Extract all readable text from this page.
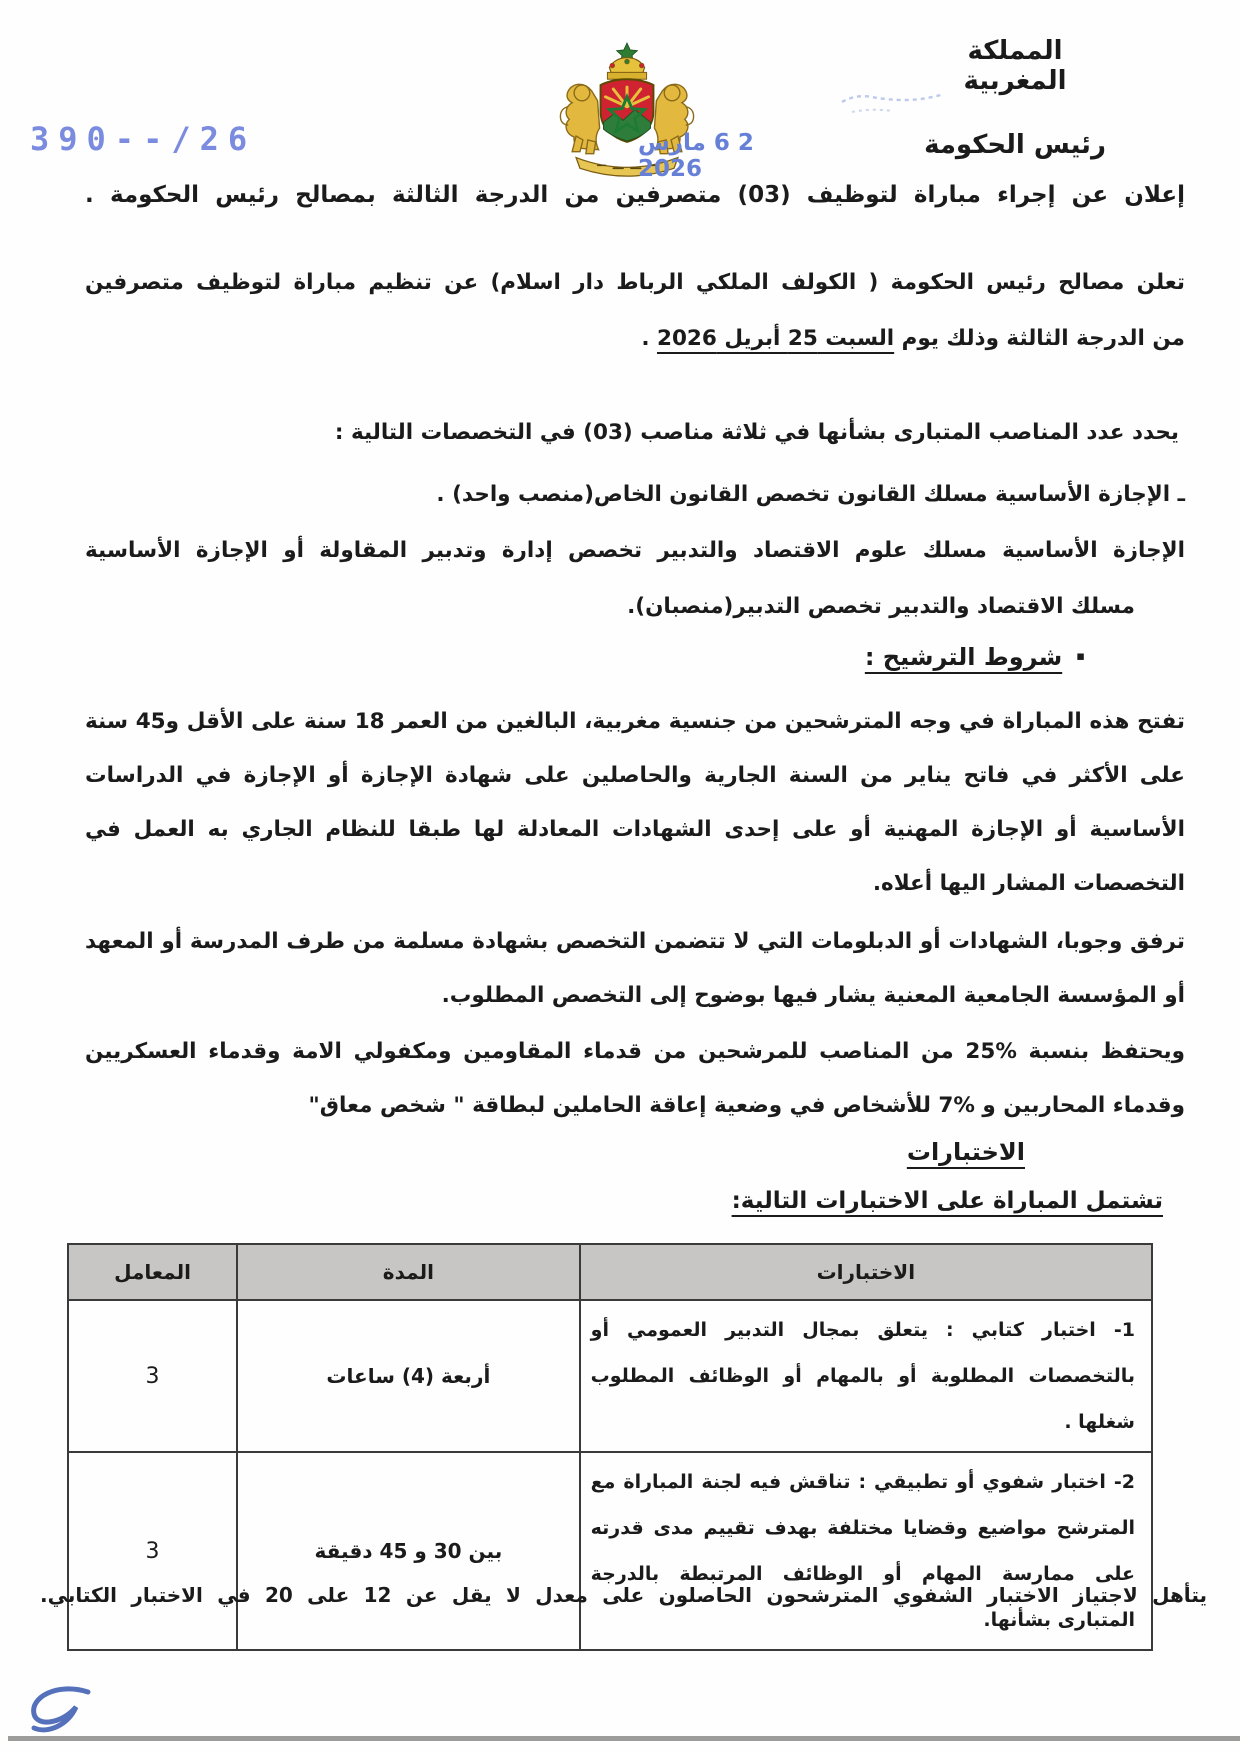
390--/26
المملكة المغربية
رئيس الحكومة
2 6 مارس 2026
إعلان عن إجراء مباراة لتوظيف (03) متصرفين من الدرجة الثالثة بمصالح رئيس الحكومة .
تعلن مصالح رئيس الحكومة ( الكولف الملكي الرباط دار اسلام) عن تنظيم مباراة لتوظيف متصرفين
من الدرجة الثالثة وذلك يوم السبت 25 أبريل 2026 .
يحدد عدد المناصب المتبارى بشأنها في ثلاثة مناصب (03) في التخصصات التالية :
ـ الإجازة الأساسية مسلك القانون تخصص القانون الخاص(منصب واحد) .
الإجازة الأساسية مسلك علوم الاقتصاد والتدبير تخصص إدارة وتدبير المقاولة أو الإجازة الأساسية
مسلك الاقتصاد والتدبير تخصص التدبير(منصبان).
▪شروط الترشيح :
تفتح هذه المباراة في وجه المترشحين من جنسية مغربية، البالغين من العمر 18 سنة على الأقل و45 سنة على الأكثر في فاتح يناير من السنة الجارية والحاصلين على شهادة الإجازة أو الإجازة في الدراسات الأساسية أو الإجازة المهنية أو على إحدى الشهادات المعادلة لها طبقا للنظام الجاري به العمل في التخصصات المشار اليها أعلاه.
ترفق وجوبا، الشهادات أو الدبلومات التي لا تتضمن التخصص بشهادة مسلمة من طرف المدرسة أو المعهد أو المؤسسة الجامعية المعنية يشار فيها بوضوح إلى التخصص المطلوب.
ويحتفظ بنسبة %25 من المناصب للمرشحين من قدماء المقاومين ومكفولي الامة وقدماء العسكريين وقدماء المحاربين و %7 للأشخاص في وضعية إعاقة الحاملين لبطاقة " شخص معاق"
الاختبارات
تشتمل المباراة على الاختبارات التالية:
الاختبارات	المدة	المعامل
1- اختبار كتابي : يتعلق بمجال التدبير العمومي أو بالتخصصات المطلوبة أو بالمهام أو الوظائف المطلوب شغلها .	أربعة (4) ساعات	3
2- اختبار شفوي أو تطبيقي : تناقش فيه لجنة المباراة مع المترشح مواضيع وقضايا مختلفة بهدف تقييم مدى قدرته على ممارسة المهام أو الوظائف المرتبطة بالدرجة المتبارى بشأنها.	بين 30 و 45 دقيقة	3
يتأهل لاجتياز الاختبار الشفوي المترشحون الحاصلون على معدل لا يقل عن 12 على 20 في الاختبار الكتابي.
